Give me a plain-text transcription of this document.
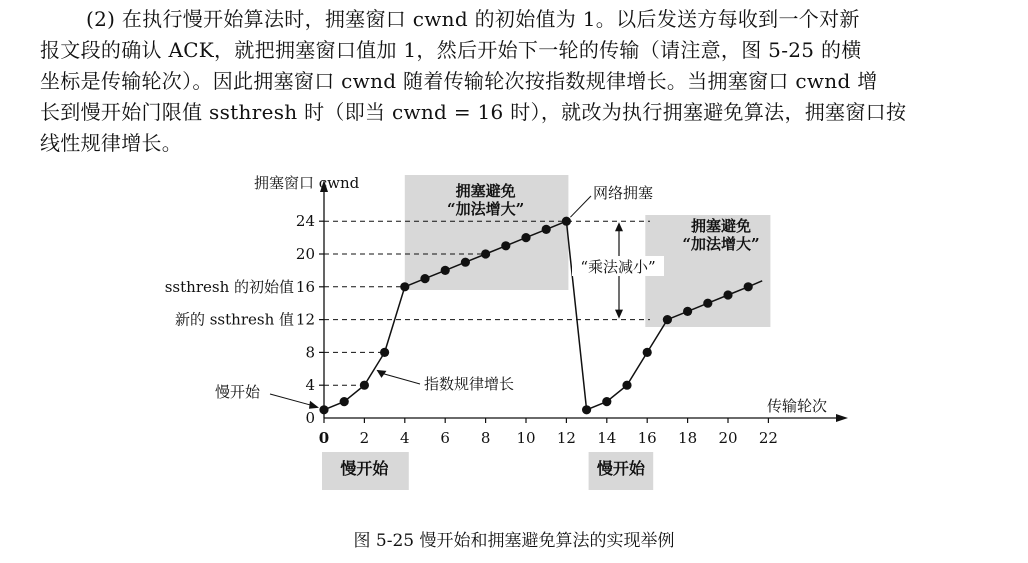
(2) 在执行慢开始算法时，拥塞窗口 cwnd 的初始值为 1。以后发送方每收到一个对新

报文段的确认 ACK，就把拥塞窗口值加 1，然后开始下一轮的传输（请注意，图 5-25 的横

坐标是传输轮次）。因此拥塞窗口 cwnd 随着传输轮次按指数规律增长。当拥塞窗口 cwnd 增

长到慢开始门限值 ssthresh 时（即当 cwnd = 16 时），就改为执行拥塞避免算法，拥塞窗口按

线性规律增长。

拥塞避免
“加法增大”
拥塞避免
“加法增大”
慢开始	慢开始
拥塞窗口 cwnd
传输轮次
0
4
8
12
16
20
24
ssthresh 的初始值
新的 ssthresh 值
0 2 4 6 8 10 12 14 16 18 20 22
“乘法减小”
网络拥塞
指数规律增长
慢开始
图 5-25 慢开始和拥塞避免算法的实现举例
